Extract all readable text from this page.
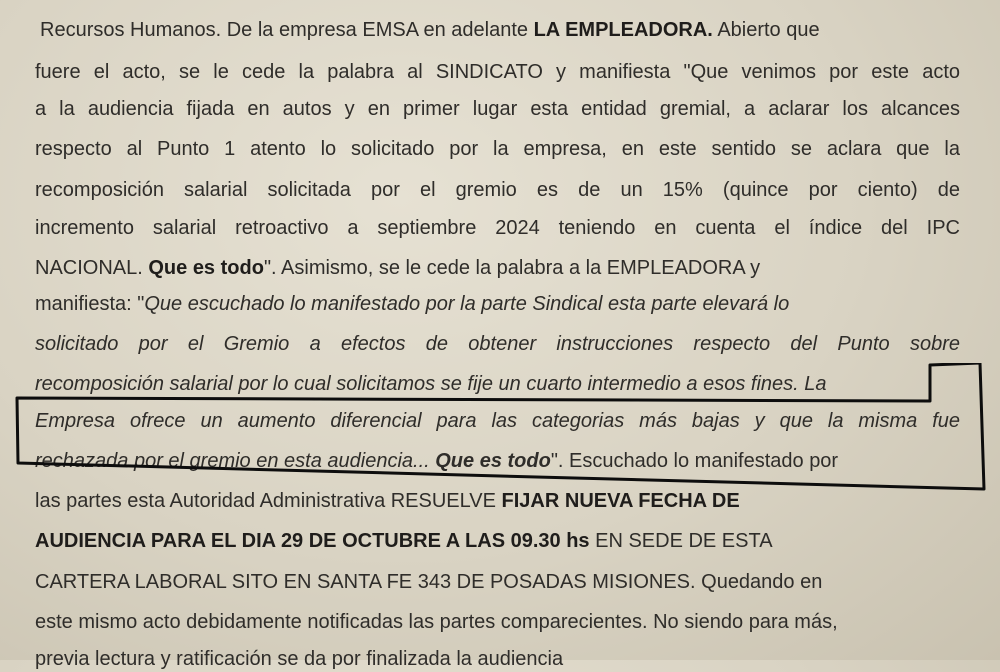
Recursos Humanos. De la empresa EMSA en adelante LA EMPLEADORA. Abierto que
fuere el acto, se le cede la palabra al SINDICATO y manifiesta "Que venimos por este acto
a la audiencia fijada en autos y en primer lugar esta entidad gremial, a aclarar los alcances
respecto al Punto 1 atento lo solicitado por la empresa, en este sentido se aclara que la
recomposición salarial solicitada por el gremio es de un 15% (quince por ciento) de
incremento salarial retroactivo a septiembre 2024 teniendo en cuenta el índice del IPC
NACIONAL. Que es todo". Asimismo, se le cede la palabra a la EMPLEADORA y
manifiesta: "Que escuchado lo manifestado por la parte Sindical esta parte elevará lo
solicitado por el Gremio a efectos de obtener instrucciones respecto del Punto sobre
recomposición salarial por lo cual solicitamos se fije un cuarto intermedio a esos fines. La
Empresa ofrece un aumento diferencial para las categorias más bajas y que la misma fue
rechazada por el gremio en esta audiencia... Que es todo". Escuchado lo manifestado por
las partes esta Autoridad Administrativa RESUELVE FIJAR NUEVA FECHA DE
AUDIENCIA PARA EL DIA 29 DE OCTUBRE A LAS 09.30 hs EN SEDE DE ESTA
CARTERA LABORAL SITO EN SANTA FE 343 DE POSADAS MISIONES. Quedando en
este mismo acto debidamente notificadas las partes comparecientes. No siendo para más,
previa lectura y ratificación se da por finalizada la audiencia
